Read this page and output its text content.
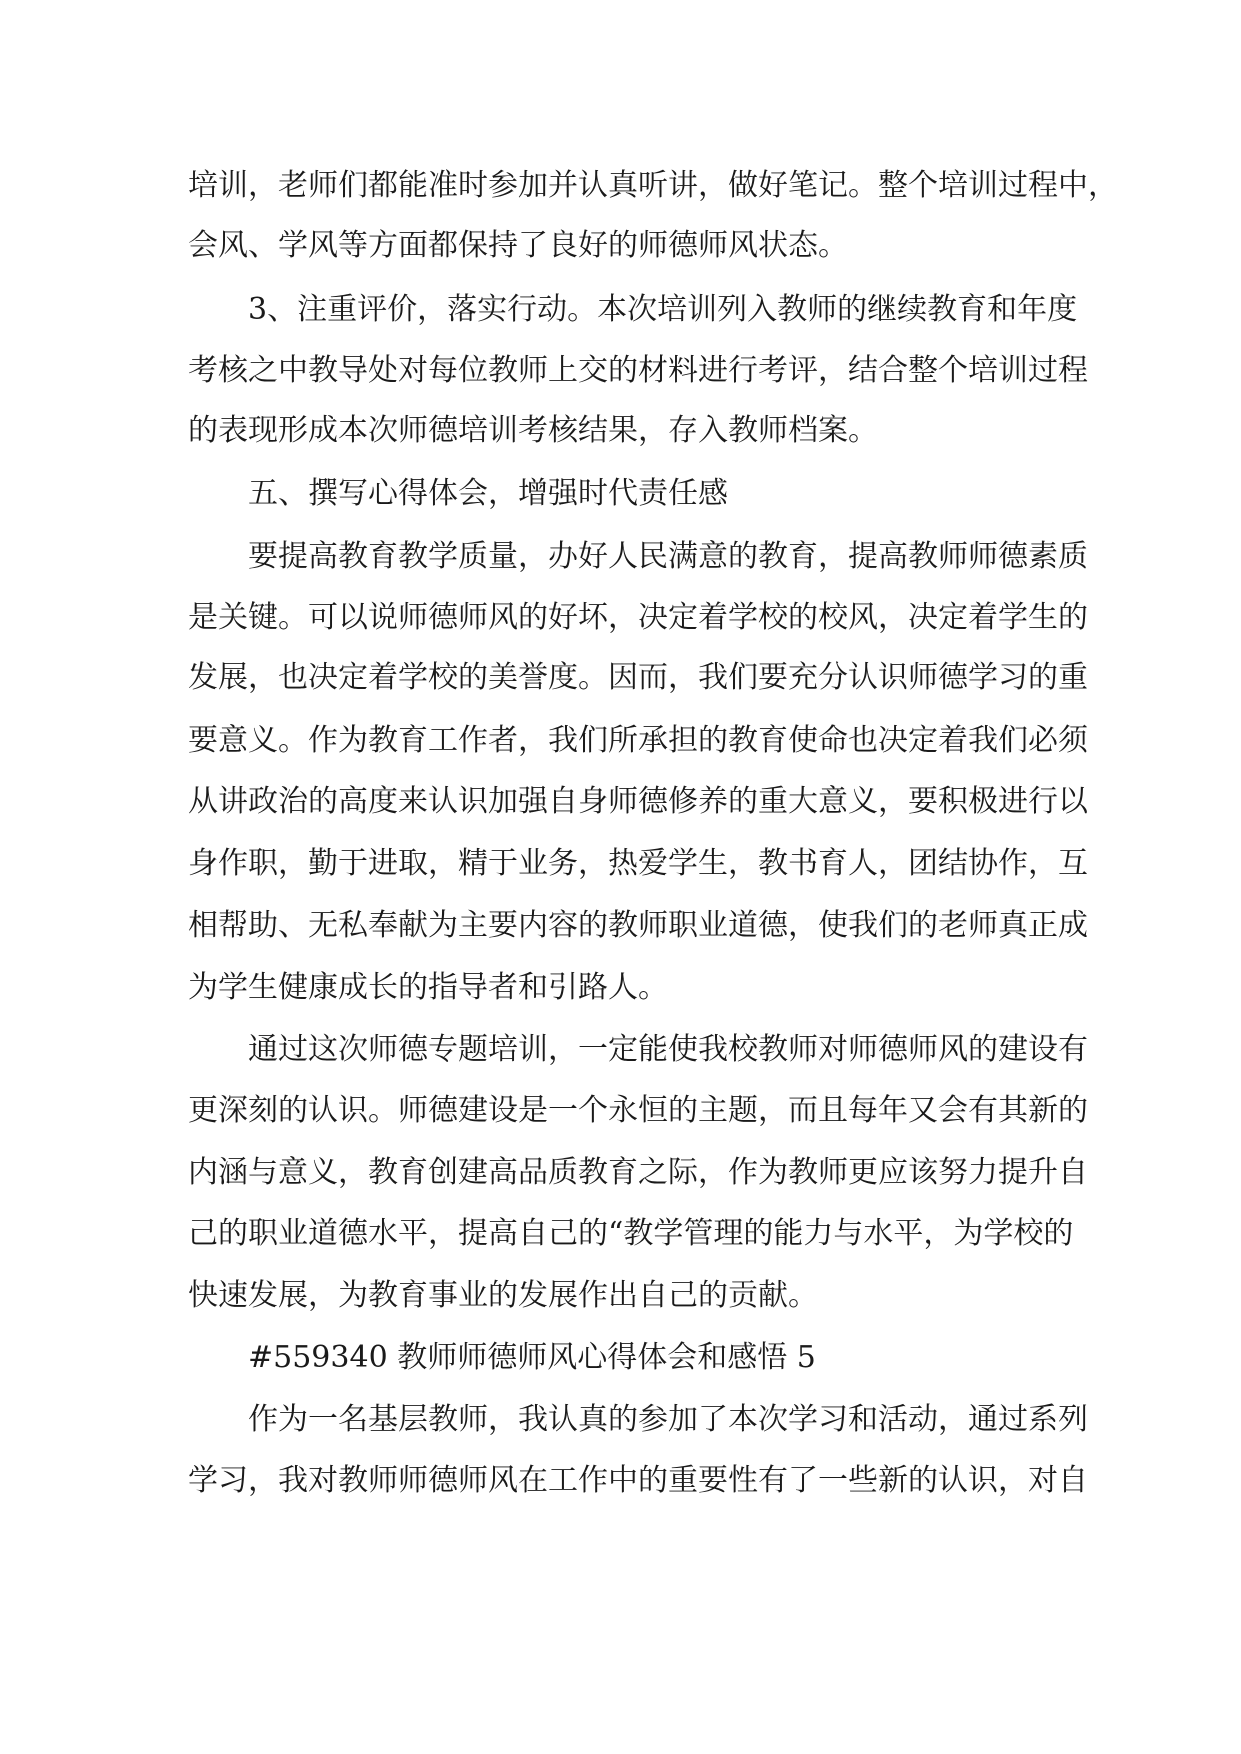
培训，老师们都能准时参加并认真听讲，做好笔记。整个培训过程中，
会风、学风等方面都保持了良好的师德师风状态。
3、注重评价，落实行动。本次培训列入教师的继续教育和年度
考核之中教导处对每位教师上交的材料进行考评，结合整个培训过程
的表现形成本次师德培训考核结果，存入教师档案。
五、撰写心得体会，增强时代责任感
要提高教育教学质量，办好人民满意的教育，提高教师师德素质
是关键。可以说师德师风的好坏，决定着学校的校风，决定着学生的
发展，也决定着学校的美誉度。因而，我们要充分认识师德学习的重
要意义。作为教育工作者，我们所承担的教育使命也决定着我们必须
从讲政治的高度来认识加强自身师德修养的重大意义，要积极进行以
身作职，勤于进取，精于业务，热爱学生，教书育人，团结协作，互
相帮助、无私奉献为主要内容的教师职业道德，使我们的老师真正成
为学生健康成长的指导者和引路人。
通过这次师德专题培训，一定能使我校教师对师德师风的建设有
更深刻的认识。师德建设是一个永恒的主题，而且每年又会有其新的
内涵与意义，教育创建高品质教育之际，作为教师更应该努力提升自
己的职业道德水平，提高自己的“教学管理的能力与水平，为学校的
快速发展，为教育事业的发展作出自己的贡献。
#559340 教师师德师风心得体会和感悟 5
作为一名基层教师，我认真的参加了本次学习和活动，通过系列
学习，我对教师师德师风在工作中的重要性有了一些新的认识，对自
